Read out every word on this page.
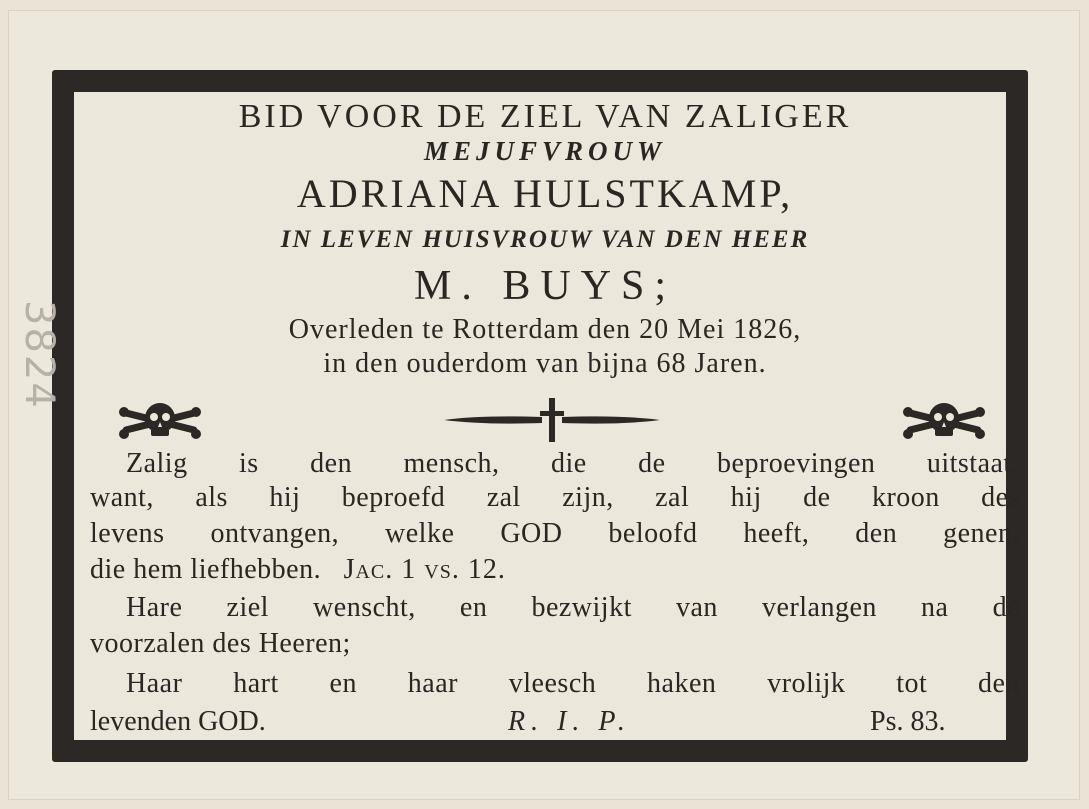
3824
BID VOOR DE ZIEL VAN ZALIGER
MEJUFVROUW
ADRIANA HULSTKAMP,
IN LEVEN HUISVROUW VAN DEN HEER
M. BUYS;
Overleden te Rotterdam den 20 Mei 1826,
in den ouderdom van bijna 68 Jaren.
Zalig is den mensch, die de beproevingen uitstaat;
want, als hij beproefd zal zijn, zal hij de kroon des
levens ontvangen, welke GOD beloofd heeft, den genen,
die hem liefhebben. Jac. 1 vs. 12.
Hare ziel wenscht, en bezwijkt van verlangen na de
voorzalen des Heeren;
Haar hart en haar vleesch haken vrolijk tot den
levenden GOD.	R. I. P.	Ps. 83.
